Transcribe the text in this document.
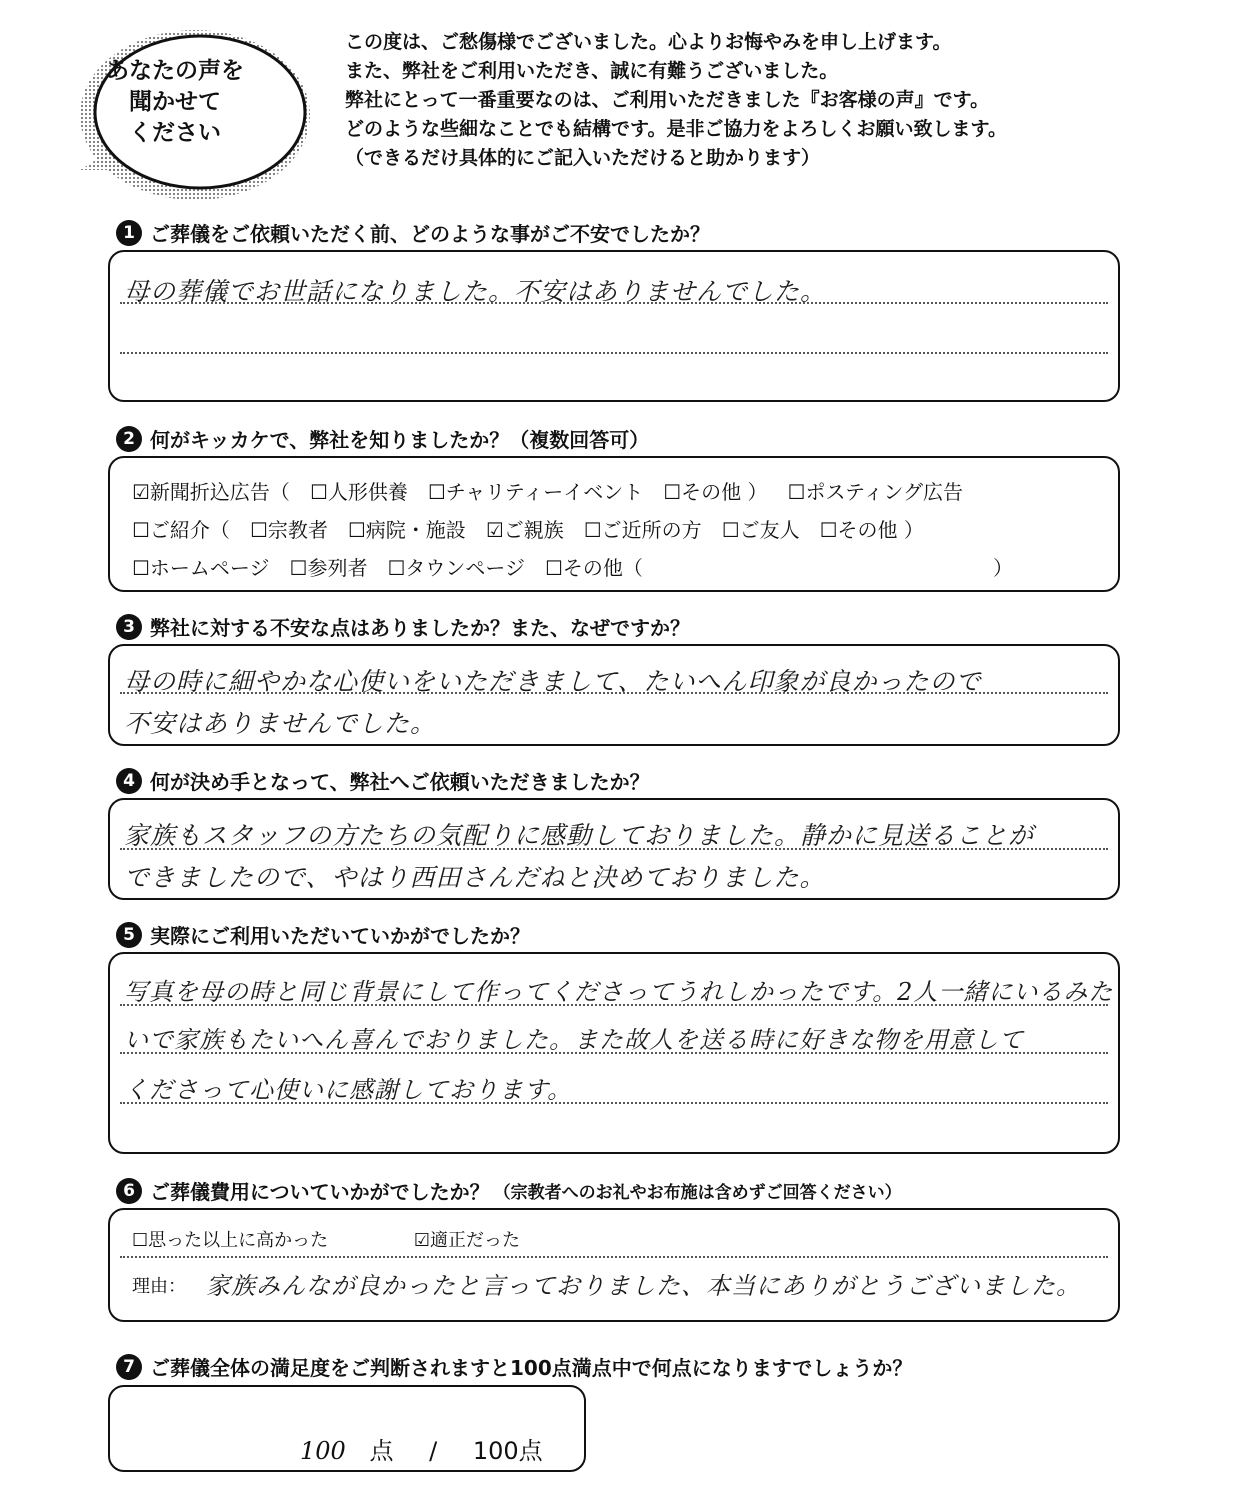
あなたの声を
聞かせて
ください
この度は、ご愁傷様でございました。心よりお悔やみを申し上げます。
また、弊社をご利用いただき、誠に有難うございました。
弊社にとって一番重要なのは、ご利用いただきました『お客様の声』です。
どのような些細なことでも結構です。是非ご協力をよろしくお願い致します。
（できるだけ具体的にご記入いただけると助かります）
1 ご葬儀をご依頼いただく前、どのような事がご不安でしたか？
母の葬儀でお世話になりました。不安はありませんでした。
2 何がキッカケで、弊社を知りましたか？（複数回答可）
☑新聞折込広告（ ☐人形供養 ☐チャリティーイベント ☐その他 ） ☐ポスティング広告
☐ご紹介（ ☐宗教者 ☐病院・施設 ☑ご親族 ☐ご近所の方 ☐ご友人 ☐その他 ）
☐ホームページ ☐参列者 ☐タウンページ ☐その他（	）
3 弊社に対する不安な点はありましたか？また、なぜですか？
母の時に細やかな心使いをいただきまして、たいへん印象が良かったので
不安はありませんでした。
4 何が決め手となって、弊社へご依頼いただきましたか？
家族もスタッフの方たちの気配りに感動しておりました。静かに見送ることが
できましたので、やはり西田さんだねと決めておりました。
5 実際にご利用いただいていかがでしたか？
写真を母の時と同じ背景にして作ってくださってうれしかったです。2人一緒にいるみた
いで家族もたいへん喜んでおりました。また故人を送る時に好きな物を用意して
くださって心使いに感謝しております。
6 ご葬儀費用についていかがでしたか？ （宗教者へのお礼やお布施は含めずご回答ください）
☐思った以上に高かった	☑適正だった
理由： 家族みんなが良かったと言っておりました、本当にありがとうございました。
7 ご葬儀全体の満足度をご判断されますと100点満点中で何点になりますでしょうか？
100 点 / 100点
